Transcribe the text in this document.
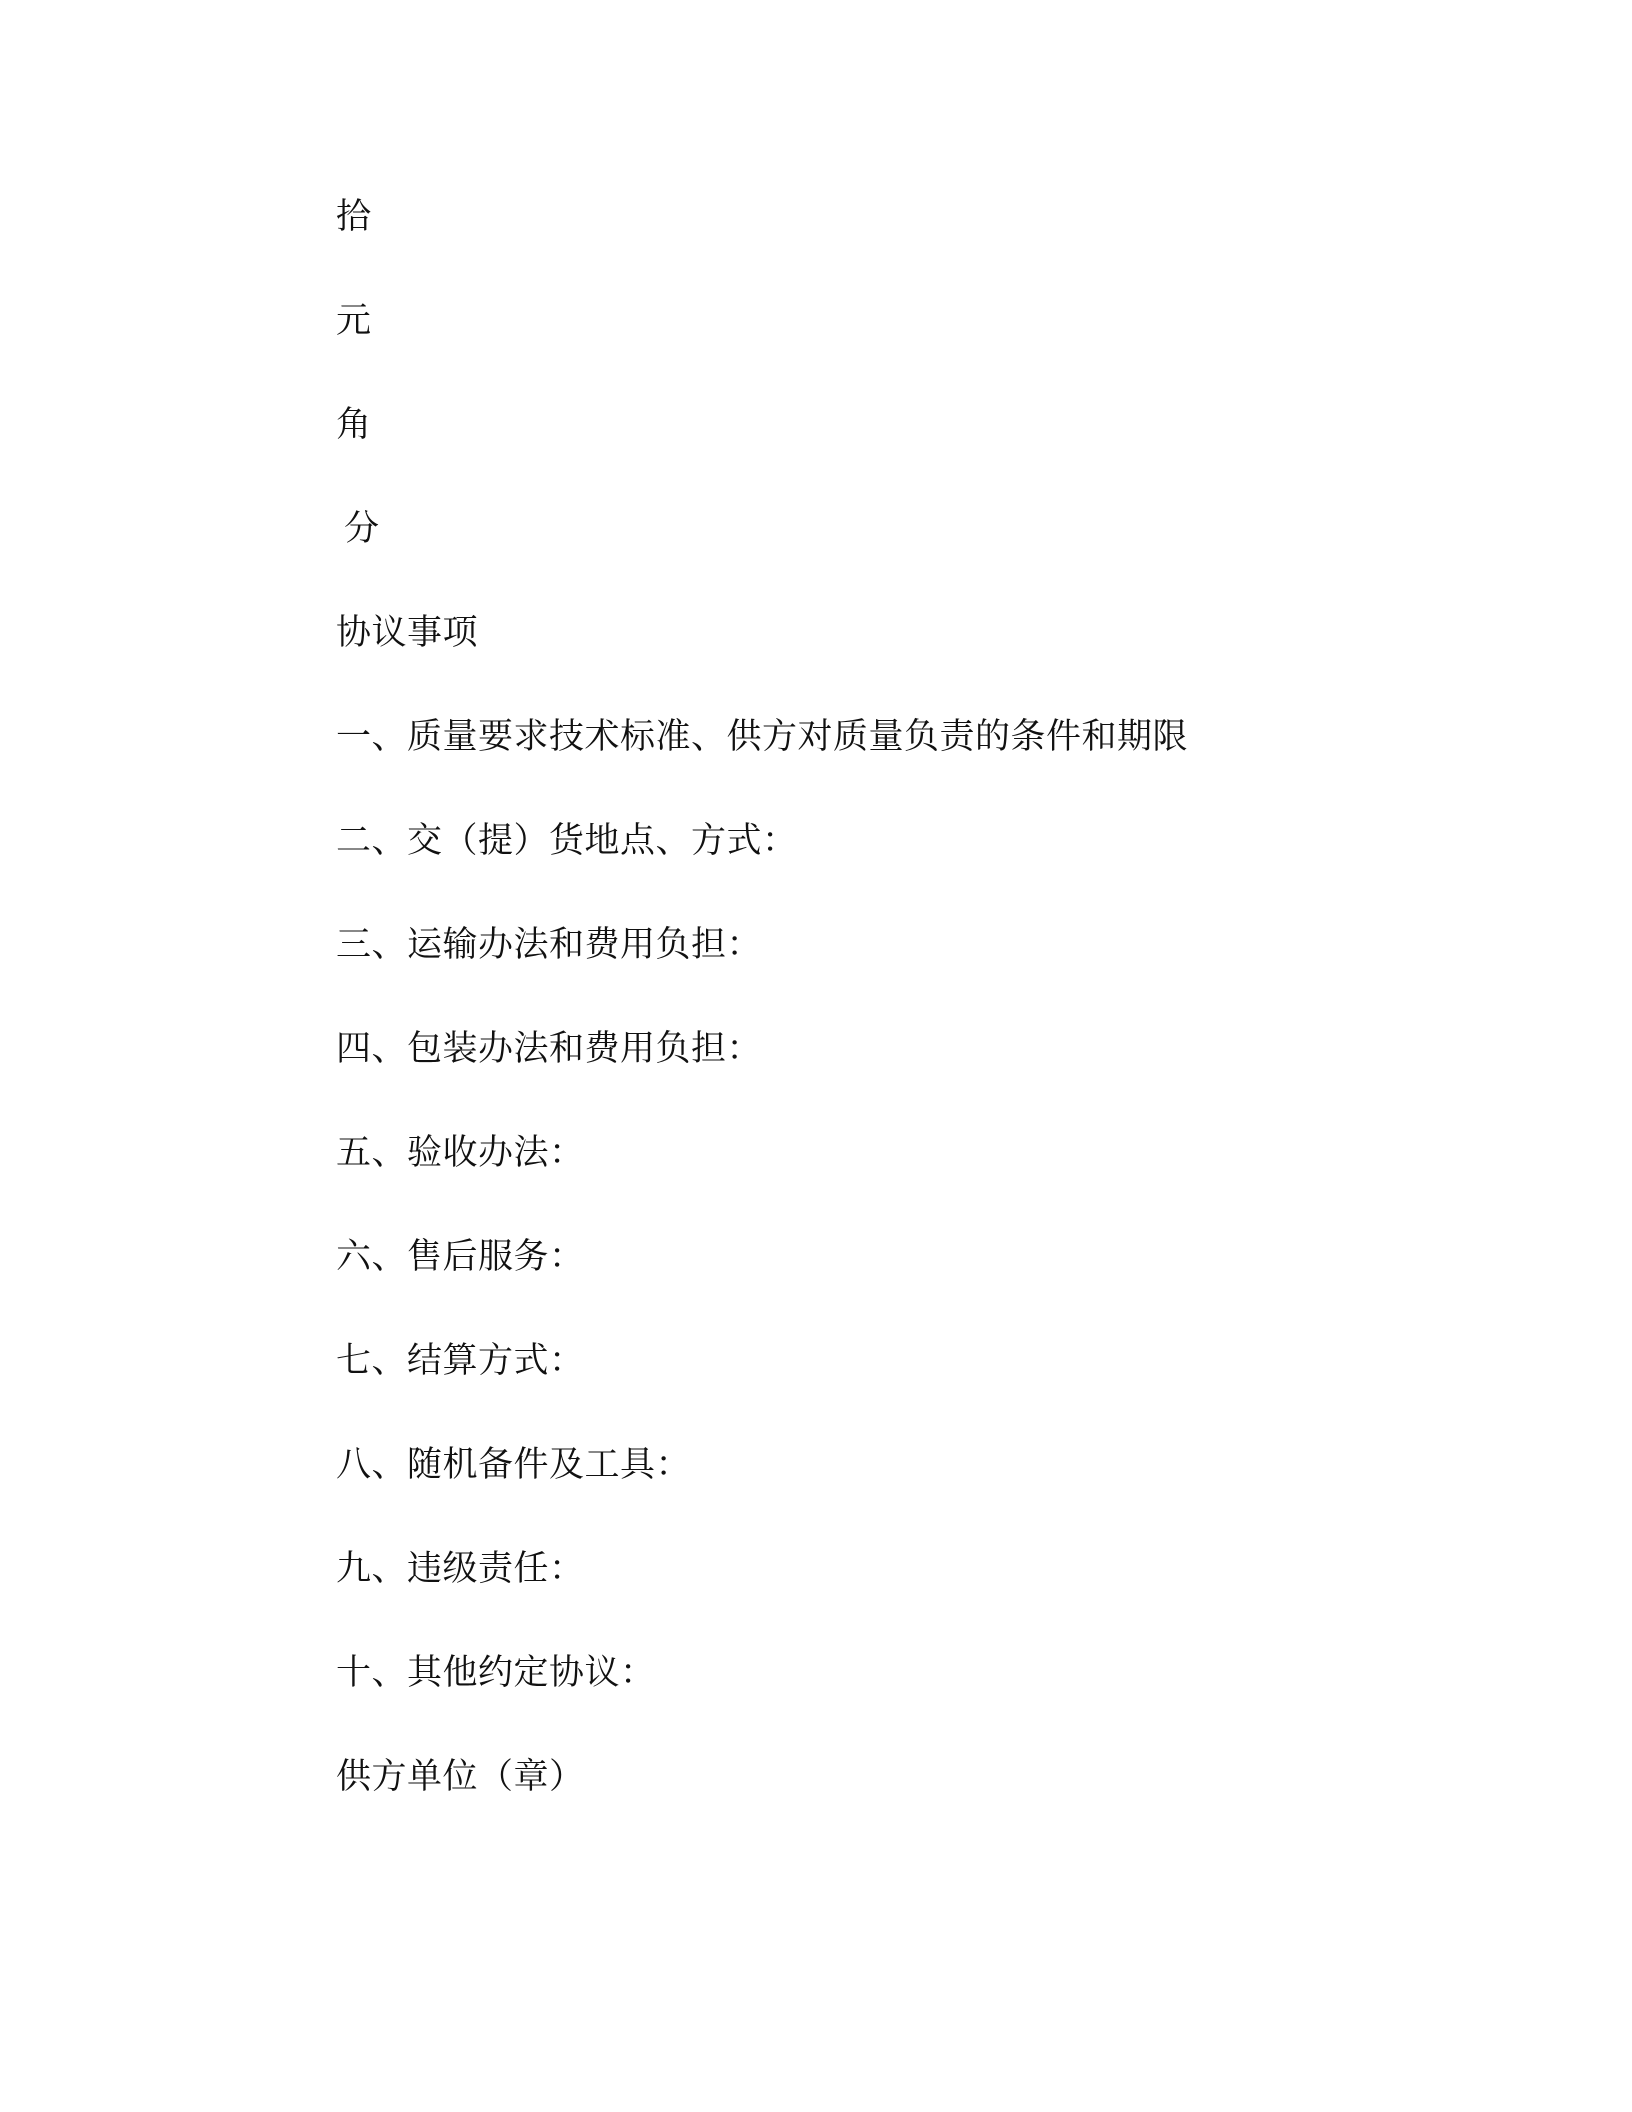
拾
元
角
分
协议事项
一、质量要求技术标准、供方对质量负责的条件和期限
二、交（提）货地点、方式：
三、运输办法和费用负担：
四、包装办法和费用负担：
五、验收办法：
六、售后服务：
七、结算方式：
八、随机备件及工具：
九、违级责任：
十、其他约定协议：
供方单位（章）
